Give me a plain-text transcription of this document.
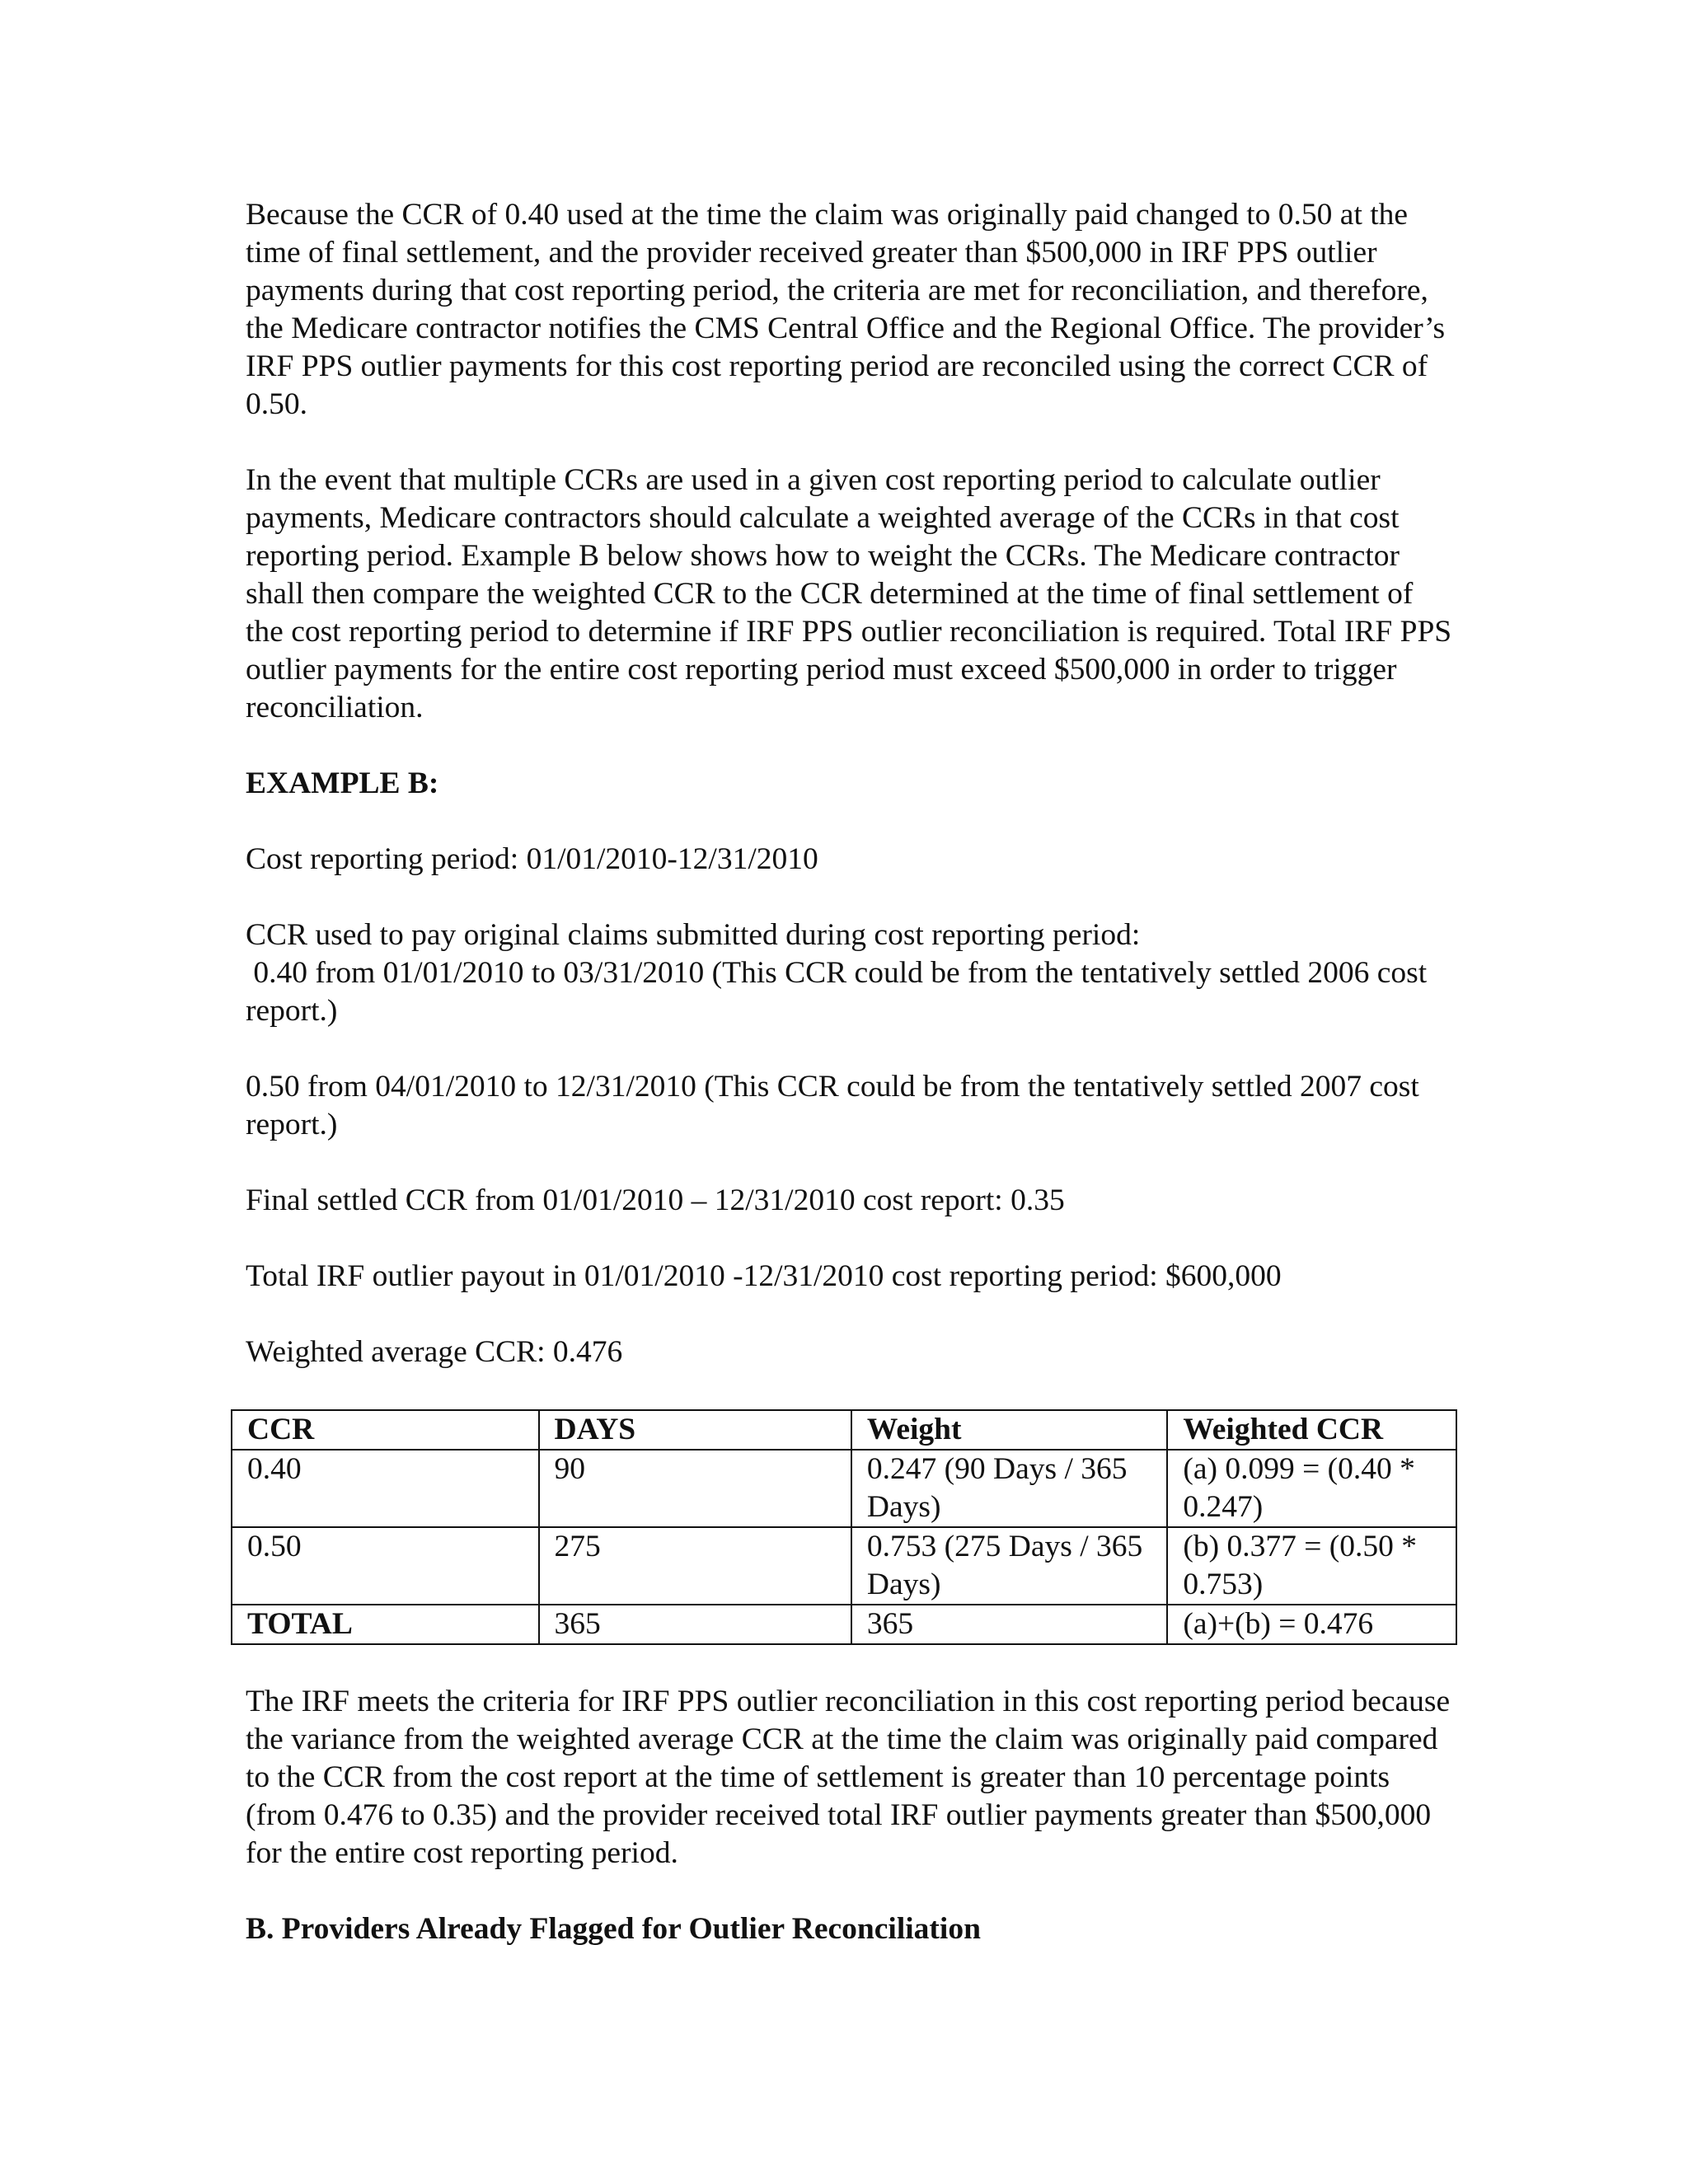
Because the CCR of 0.40 used at the time the claim was originally paid changed to 0.50 at the time of final settlement, and the provider received greater than $500,000 in IRF PPS outlier payments during that cost reporting period, the criteria are met for reconciliation, and therefore, the Medicare contractor notifies the CMS Central Office and the Regional Office. The provider’s IRF PPS outlier payments for this cost reporting period are reconciled using the correct CCR of 0.50.

In the event that multiple CCRs are used in a given cost reporting period to calculate outlier payments, Medicare contractors should calculate a weighted average of the CCRs in that cost reporting period. Example B below shows how to weight the CCRs. The Medicare contractor shall then compare the weighted CCR to the CCR determined at the time of final settlement of the cost reporting period to determine if IRF PPS outlier reconciliation is required. Total IRF PPS outlier payments for the entire cost reporting period must exceed $500,000 in order to trigger reconciliation.

EXAMPLE B:

Cost reporting period: 01/01/2010-12/31/2010

CCR used to pay original claims submitted during cost reporting period:
0.40 from 01/01/2010 to 03/31/2010 (This CCR could be from the tentatively settled 2006 cost report.)

0.50 from 04/01/2010 to 12/31/2010 (This CCR could be from the tentatively settled 2007 cost report.)

Final settled CCR from 01/01/2010 – 12/31/2010 cost report: 0.35

Total IRF outlier payout in 01/01/2010 -12/31/2010 cost reporting period: $600,000

Weighted average CCR: 0.476

CCR	DAYS	Weight	Weighted CCR
0.40	90	0.247 (90 Days / 365 Days)	(a) 0.099 = (0.40 * 0.247)
0.50	275	0.753 (275 Days / 365 Days)	(b) 0.377 = (0.50 * 0.753)
TOTAL	365	365	(a)+(b) = 0.476

The IRF meets the criteria for IRF PPS outlier reconciliation in this cost reporting period because the variance from the weighted average CCR at the time the claim was originally paid compared to the CCR from the cost report at the time of settlement is greater than 10 percentage points (from 0.476 to 0.35) and the provider received total IRF outlier payments greater than $500,000 for the entire cost reporting period.

B. Providers Already Flagged for Outlier Reconciliation
